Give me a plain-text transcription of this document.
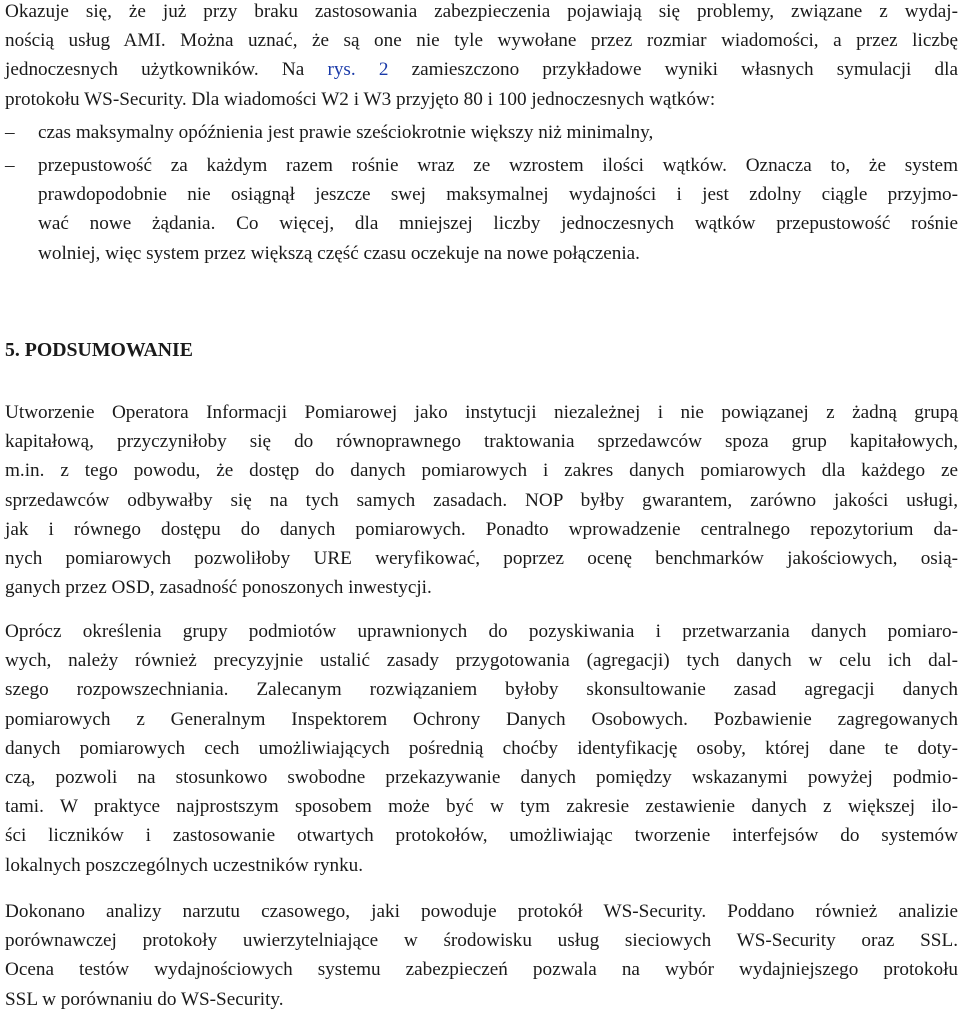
Okazuje się, że już przy braku zastosowania zabezpieczenia pojawiają się problemy, związane z wydaj-
nością usług AMI. Można uznać, że są one nie tyle wywołane przez rozmiar wiadomości, a przez liczbę
jednoczesnych użytkowników. Na rys. 2 zamieszczono przykładowe wyniki własnych symulacji dla
protokołu WS-Security. Dla wiadomości W2 i W3 przyjęto 80 i 100 jednoczesnych wątków:

–	czas maksymalny opóźnienia jest prawie sześciokrotnie większy niż minimalny,
–	przepustowość za każdym razem rośnie wraz ze wzrostem ilości wątków. Oznacza to, że system
prawdopodobnie nie osiągnął jeszcze swej maksymalnej wydajności i jest zdolny ciągle przyjmo-
wać nowe żądania. Co więcej, dla mniejszej liczby jednoczesnych wątków przepustowość rośnie
wolniej, więc system przez większą część czasu oczekuje na nowe połączenia.
5. PODSUMOWANIE

Utworzenie Operatora Informacji Pomiarowej jako instytucji niezależnej i nie powiązanej z żadną grupą
kapitałową, przyczyniłoby się do równoprawnego traktowania sprzedawców spoza grup kapitałowych,
m.in. z tego powodu, że dostęp do danych pomiarowych i zakres danych pomiarowych dla każdego ze
sprzedawców odbywałby się na tych samych zasadach. NOP byłby gwarantem, zarówno jakości usługi,
jak i równego dostępu do danych pomiarowych. Ponadto wprowadzenie centralnego repozytorium da-
nych pomiarowych pozwoliłoby URE weryfikować, poprzez ocenę benchmarków jakościowych, osią-
ganych przez OSD, zasadność ponoszonych inwestycji.

Oprócz określenia grupy podmiotów uprawnionych do pozyskiwania i przetwarzania danych pomiaro-
wych, należy również precyzyjnie ustalić zasady przygotowania (agregacji) tych danych w celu ich dal-
szego rozpowszechniania. Zalecanym rozwiązaniem byłoby skonsultowanie zasad agregacji danych
pomiarowych z Generalnym Inspektorem Ochrony Danych Osobowych. Pozbawienie zagregowanych
danych pomiarowych cech umożliwiających pośrednią choćby identyfikację osoby, której dane te doty-
czą, pozwoli na stosunkowo swobodne przekazywanie danych pomiędzy wskazanymi powyżej podmio-
tami. W praktyce najprostszym sposobem może być w tym zakresie zestawienie danych z większej ilo-
ści liczników i zastosowanie otwartych protokołów, umożliwiając tworzenie interfejsów do systemów
lokalnych poszczególnych uczestników rynku.

Dokonano analizy narzutu czasowego, jaki powoduje protokół WS-Security. Poddano również analizie
porównawczej protokoły uwierzytelniające w środowisku usług sieciowych WS-Security oraz SSL.
Ocena testów wydajnościowych systemu zabezpieczeń pozwala na wybór wydajniejszego protokołu
SSL w porównaniu do WS-Security.
